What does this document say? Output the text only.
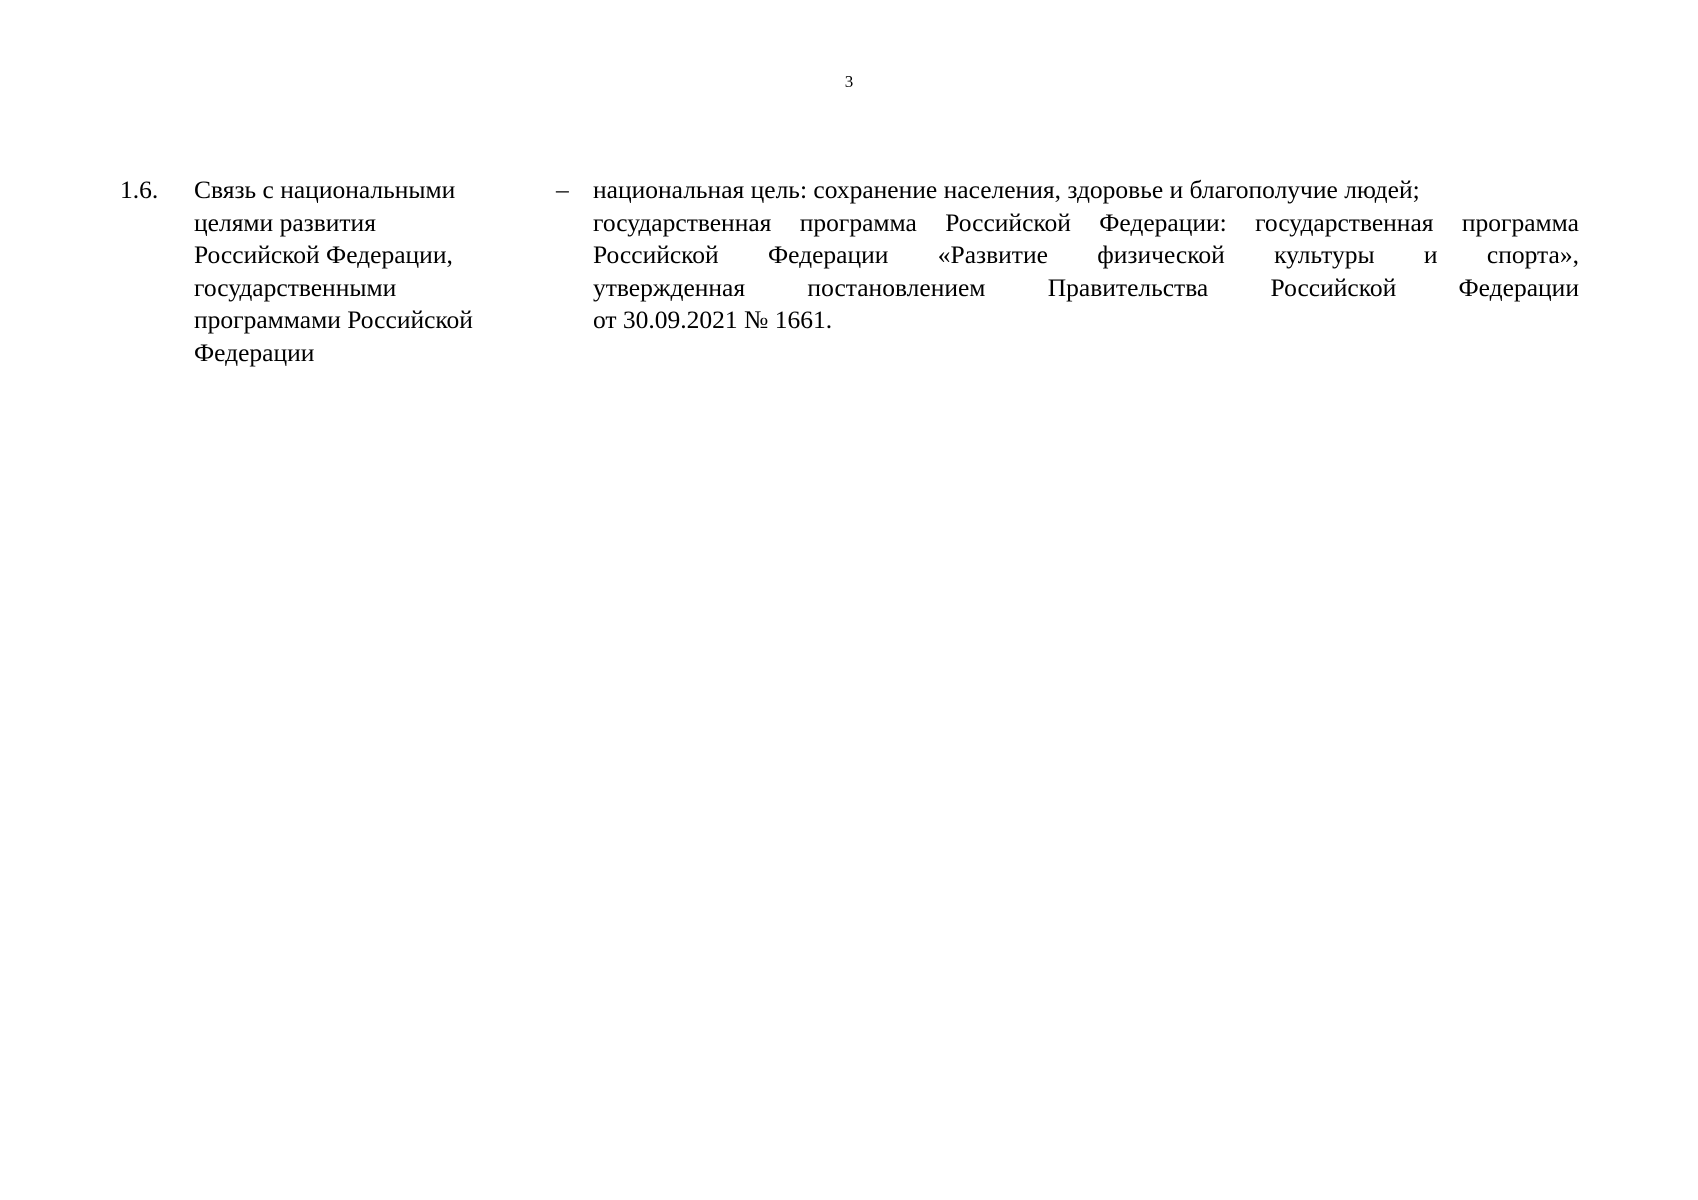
3
1.6. Связь с национальными
целями развития
Российской Федерации,
государственными
программами Российской
Федерации
– национальная цель: сохранение населения, здоровье и благополучие людей;
государственная программа Российской Федерации: государственная программа
Российской Федерации «Развитие физической культуры и спорта»,
утвержденная постановлением Правительства Российской Федерации
от 30.09.2021 № 1661.
